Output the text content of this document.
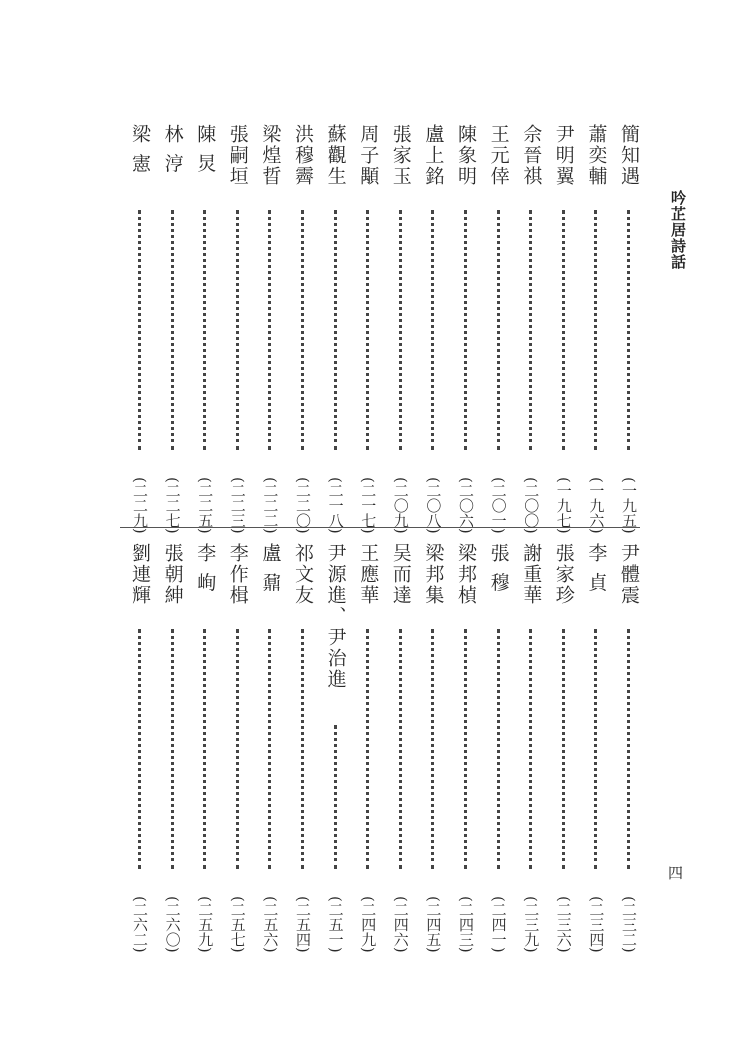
吟芷居詩話
四
簡知遇
(一九五)
蕭奕輔
(一九六)
尹明翼
(一九七)
佘晉祺
(二〇〇)
王元倖
(二〇一)
陳象明
(二〇六)
盧上銘
(二〇八)
張家玉
(二〇九)
周子顒
(二一七)
蘇觀生
(二一八)
洪穆霽
(二二〇)
梁煌晢
(二二二)
張嗣垣
(二二三)
陳 炅
(二二五)
林 涥
(二二七)
梁 憲
(二二九)
尹體震
(二三二)
李 貞
(二三四)
張家珍
(二三六)
謝重華
(二三九)
張 穆
(二四一)
梁邦楨
(二四三)
梁邦集
(二四五)
吴而達
(二四六)
王應華
(二四九)
尹源進、尹治進
(二五一)
祁文友
(二五四)
盧 鼐
(二五六)
李作楫
(二五七)
李 峋
(二五九)
張朝紳
(二六〇)
劉連輝
(二六二)
